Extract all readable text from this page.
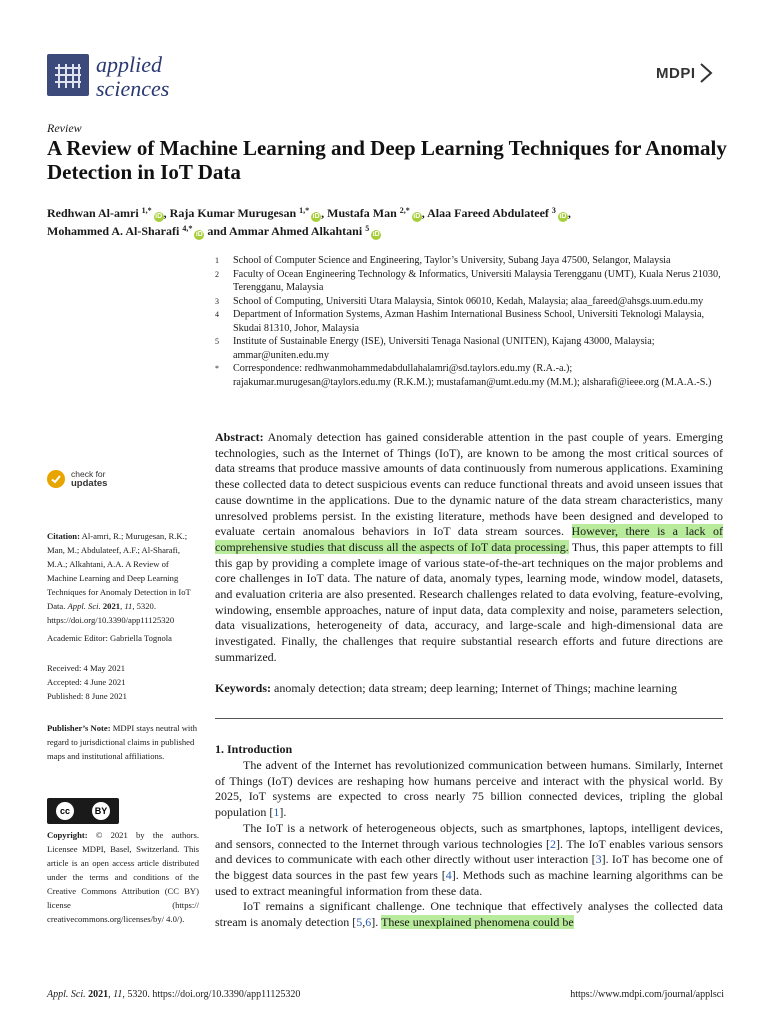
applied
sciences
MDPI
Review
A Review of Machine Learning and Deep Learning Techniques for Anomaly Detection in IoT Data
Redhwan Al-amri $^{1,*}$iD , Raja Kumar Murugesan $^{1,*}$iD , Mustafa Man $^{2,*}$iD , Alaa Fareed Abdulateef $^3$iD ,
Mohammed A. Al-Sharafi $^{4,*}$iD and Ammar Ahmed Alkahtani $^5$iD
1	School of Computer Science and Engineering, Taylor’s University, Subang Jaya 47500, Selangor, Malaysia
2	Faculty of Ocean Engineering Technology & Informatics, Universiti Malaysia Terengganu (UMT), Kuala Nerus 21030, Terengganu, Malaysia
3	School of Computing, Universiti Utara Malaysia, Sintok 06010, Kedah, Malaysia; alaa_fareed@ahsgs.uum.edu.my
4	Department of Information Systems, Azman Hashim International Business School, Universiti Teknologi Malaysia, Skudai 81310, Johor, Malaysia
5	Institute of Sustainable Energy (ISE), Universiti Tenaga Nasional (UNITEN), Kajang 43000, Malaysia; ammar@uniten.edu.my
*	Correspondence: redhwanmohammedabdullahalamri@sd.taylors.edu.my (R.A.-a.); rajakumar.murugesan@taylors.edu.my (R.K.M.); mustafaman@umt.edu.my (M.M.); alsharafi@ieee.org (M.A.A.-S.)
check for
updates
Citation: Al-amri, R.; Murugesan, R.K.; Man, M.; Abdulateef, A.F.; Al-Sharafi, M.A.; Alkahtani, A.A. A Review of Machine Learning and Deep Learning Techniques for Anomaly Detection in IoT Data. Appl. Sci. 2021, 11, 5320. https://doi.org/10.3390/app11125320
Academic Editor: Gabriella Tognola
Received: 4 May 2021
Accepted: 4 June 2021
Published: 8 June 2021
Publisher’s Note: MDPI stays neutral with regard to jurisdictional claims in published maps and institutional affiliations.
cc	BY
Copyright: © 2021 by the authors. Licensee MDPI, Basel, Switzerland. This article is an open access article distributed under the terms and conditions of the Creative Commons Attribution (CC BY) license (https:// creativecommons.org/licenses/by/ 4.0/).
Abstract: Anomaly detection has gained considerable attention in the past couple of years. Emerging technologies, such as the Internet of Things (IoT), are known to be among the most critical sources of data streams that produce massive amounts of data continuously from numerous applications. Examining these collected data to detect suspicious events can reduce functional threats and avoid unseen issues that cause downtime in the applications. Due to the dynamic nature of the data stream characteristics, many unresolved problems persist. In the existing literature, methods have been designed and developed to evaluate certain anomalous behaviors in IoT data stream sources. However, there is a lack of comprehensive studies that discuss all the aspects of IoT data processing. Thus, this paper attempts to fill this gap by providing a complete image of various state-of-the-art techniques on the major problems and core challenges in IoT data. The nature of data, anomaly types, learning mode, window model, datasets, and evaluation criteria are also presented. Research challenges related to data evolving, feature-evolving, windowing, ensemble approaches, nature of input data, data complexity and noise, parameters selection, data visualizations, heterogeneity of data, accuracy, and large-scale and high-dimensional data are investigated. Finally, the challenges that require substantial research efforts and future directions are summarized.
Keywords: anomaly detection; data stream; deep learning; Internet of Things; machine learning
1. Introduction

The advent of the Internet has revolutionized communication between humans. Similarly, Internet of Things (IoT) devices are reshaping how humans perceive and interact with the physical world. By 2025, IoT systems are expected to cross nearly 75 billion connected devices, tripling the global population [1].

The IoT is a network of heterogeneous objects, such as smartphones, laptops, intelligent devices, and sensors, connected to the Internet through various technologies [2]. The IoT enables various sensors and devices to communicate with each other directly without user interaction [3]. IoT has become one of the biggest data sources in the past few years [4]. Methods such as machine learning algorithms can be used to extract meaningful information from these data.

IoT remains a significant challenge. One technique that effectively analyses the collected data stream is anomaly detection [5,6]. These unexplained phenomena could be

Appl. Sci. 2021, 11, 5320. https://doi.org/10.3390/app11125320	https://www.mdpi.com/journal/applsci
